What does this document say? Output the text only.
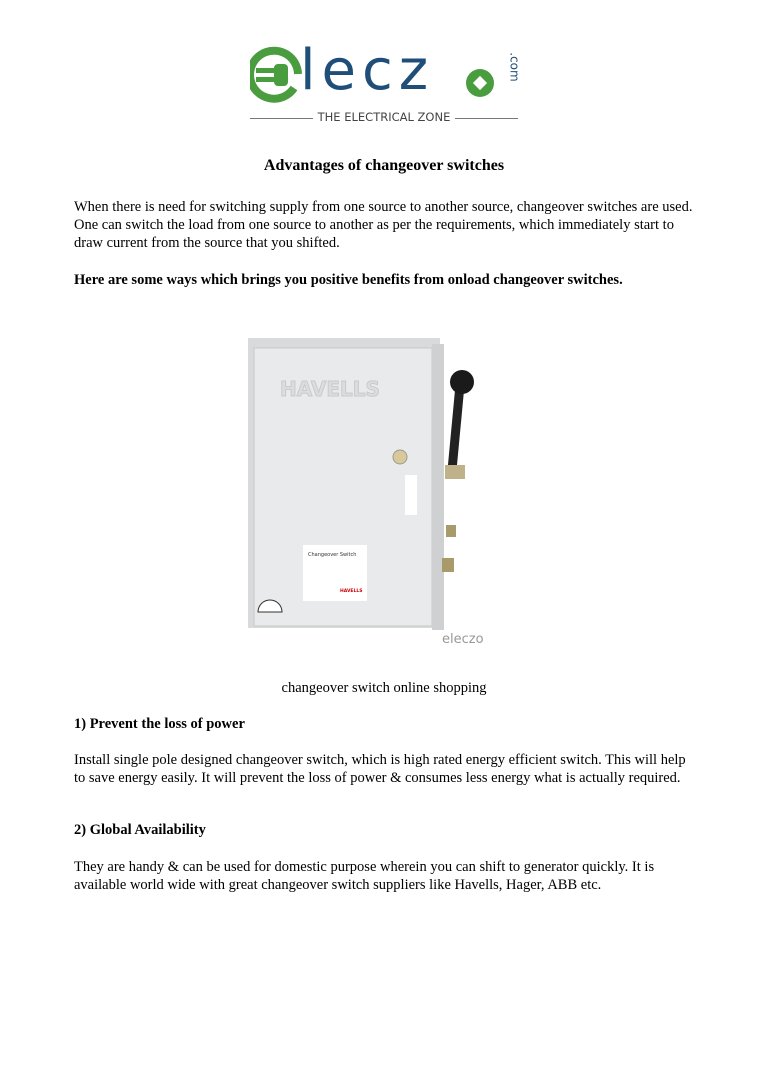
lecz	.com
THE ELECTRICAL ZONE
Advantages of changeover switches

When there is need for switching supply from one source to another source, changeover switches are used. One can switch the load from one source to another as per the requirements, which immediately start to draw current from the source that you shifted.

Here are some ways which brings you positive benefits from onload changeover switches.

HAVELLS
Changeover Switch
HAVELLS
eleczo
changeover switch online shopping

1) Prevent the loss of power

Install single pole designed changeover switch, which is high rated energy efficient switch. This will help to save energy easily. It will prevent the loss of power & consumes less energy what is actually required.

2) Global Availability

They are handy & can be used for domestic purpose wherein you can shift to generator quickly. It is available world wide with great changeover switch suppliers like Havells, Hager, ABB etc.
